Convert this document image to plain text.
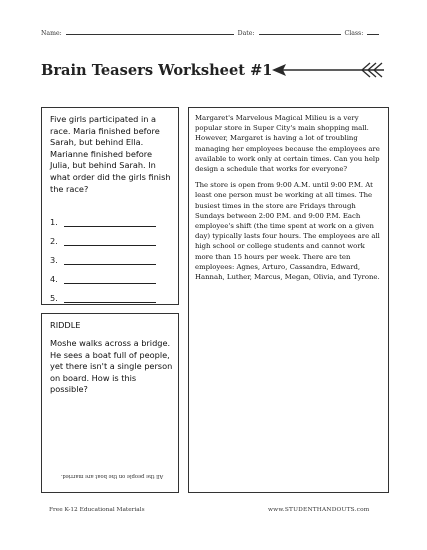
Name:	Date:	Class:
Brain Teasers Worksheet #1
Five girls participated in a race. Maria finished before Sarah, but behind Ella. Marianne finished before Julia, but behind Sarah. In what order did the girls finish the race?
1.
2.
3.
4.
5.
RIDDLE
Moshe walks across a bridge. He sees a boat full of people, yet there isn't a single person on board. How is this possible?
All the people on the boat are married.

Margaret's Marvelous Magical Milieu is a very popular store in Super City's main shopping mall. However, Margaret is having a lot of troubling managing her employees because the employees are available to work only at certain times. Can you help design a schedule that works for everyone?

The store is open from 9:00 A.M. until 9:00 P.M. At least one person must be working at all times. The busiest times in the store are Fridays through Sundays between 2:00 P.M. and 9:00 P.M. Each employee's shift (the time spent at work on a given day) typically lasts four hours. The employees are all high school or college students and cannot work more than 15 hours per week. There are ten employees: Agnes, Arturo, Cassandra, Edward, Hannah, Luther, Marcus, Megan, Olivia, and Tyrone.

Free K-12 Educational Materials	www.STUDENTHANDOUTS.com
